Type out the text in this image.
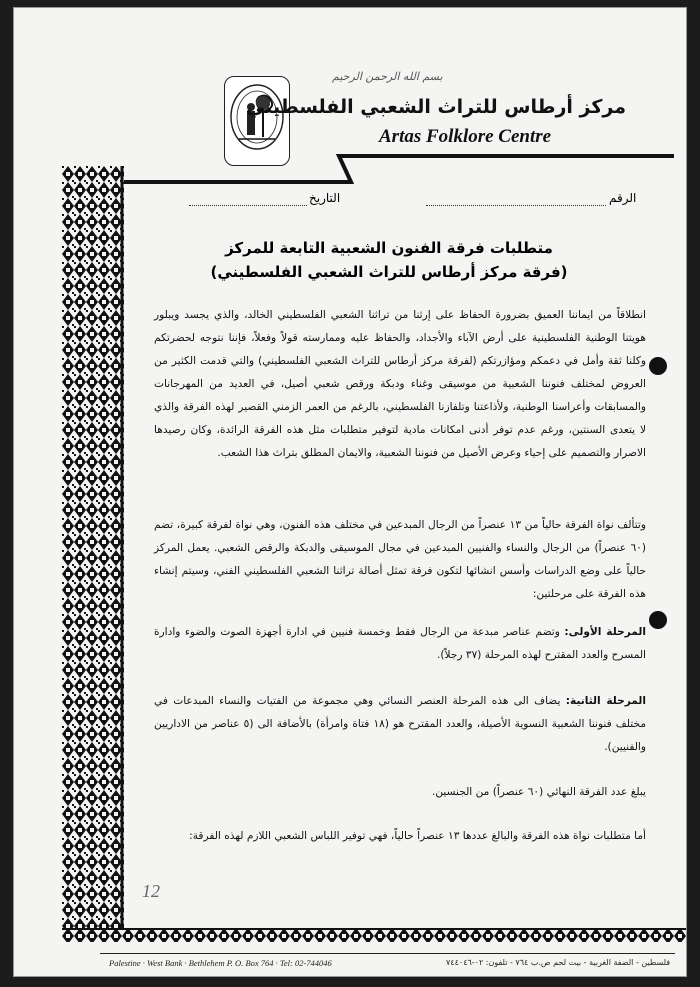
بسم الله الرحمن الرحيم
مركز أرطاس للتراث الشعبي الفلسطيني
Artas Folklore Centre
الرقم
التاريخ
متطلبات فرقة الفنون الشعبية التابعة للمركز
(فرقة مركز أرطاس للتراث الشعبي الفلسطيني)
انطلاقاً من ايماننا العميق بضرورة الحفاظ على إرثنا من تراثنا الشعبي الفلسطيني الخالد، والذي يجسد ويبلور هويتنا الوطنية الفلسطينية على أرض الآباء والأجداد، والحفاظ عليه وممارسته قولاً وفعلاً، فإننا نتوجه لحضرتكم وكلنا ثقة وأمل في دعمكم ومؤازرتكم (لفرقة مركز أرطاس للتراث الشعبي الفلسطيني) والتي قدمت الكثير من العروض لمختلف فنوننا الشعبية من موسيقى وغناء ودبكة ورقص شعبي أصيل، في العديد من المهرجانات والمسابقات وأعراسنا الوطنية، ولأذاعتنا وتلفازنا الفلسطيني، بالرغم من العمر الزمني القصير لهذه الفرقة والذي لا يتعدى السنتين، ورغم عدم توفر أدنى امكانات مادية لتوفير متطلبات مثل هذه الفرقة الرائدة، وكان رصيدها الاصرار والتصميم على إحياء وعرض الأصيل من فنوننا الشعبية، والايمان المطلق بتراث هذا الشعب.
وتتألف نواة الفرقة حالياً من ١٣ عنصراً من الرجال المبدعين في مختلف هذه الفنون، وهي نواة لفرقة كبيرة، تضم (٦٠ عنصراً) من الرجال والنساء والفنيين المبدعين في مجال الموسيقى والدبكة والرقص الشعبي. يعمل المركز حالياً على وضع الدراسات وأسس انشائها لتكون فرقة تمثل أصالة تراثنا الشعبي الفلسطيني الفني، وسيتم إنشاء هذه الفرقة على مرحلتين:
المرحلة الأولى: وتضم عناصر مبدعة من الرجال فقط وخمسة فنيين في ادارة أجهزة الصوت والضوء وادارة المسرح والعدد المقترح لهذه المرحلة (٣٧ رجلاً).
المرحلة الثانية: يضاف الى هذه المرحلة العنصر النسائي وهي مجموعة من الفتيات والنساء المبدعات في مختلف فنوننا الشعبية النسوية الأصيلة، والعدد المقترح هو (١٨ فتاة وامرأة) بالأضافة الى (٥ عناصر من الاداريين والفنيين).
يبلغ عدد الفرقة النهائي (٦٠ عنصراً) من الجنسين.
أما متطلبات نواة هذه الفرقة والبالغ عددها ١٣ عنصراً حالياً، فهي توفير اللباس الشعبي اللازم لهذه الفرقة:
12
Palestine · West Bank · Bethlehem P. O. Box 764 · Tel: 02-744046	فلسطين - الضفة الغربية - بيت لحم ص.ب ٧٦٤ - تلفون: ٠٢-٧٤٤٠٤٦
